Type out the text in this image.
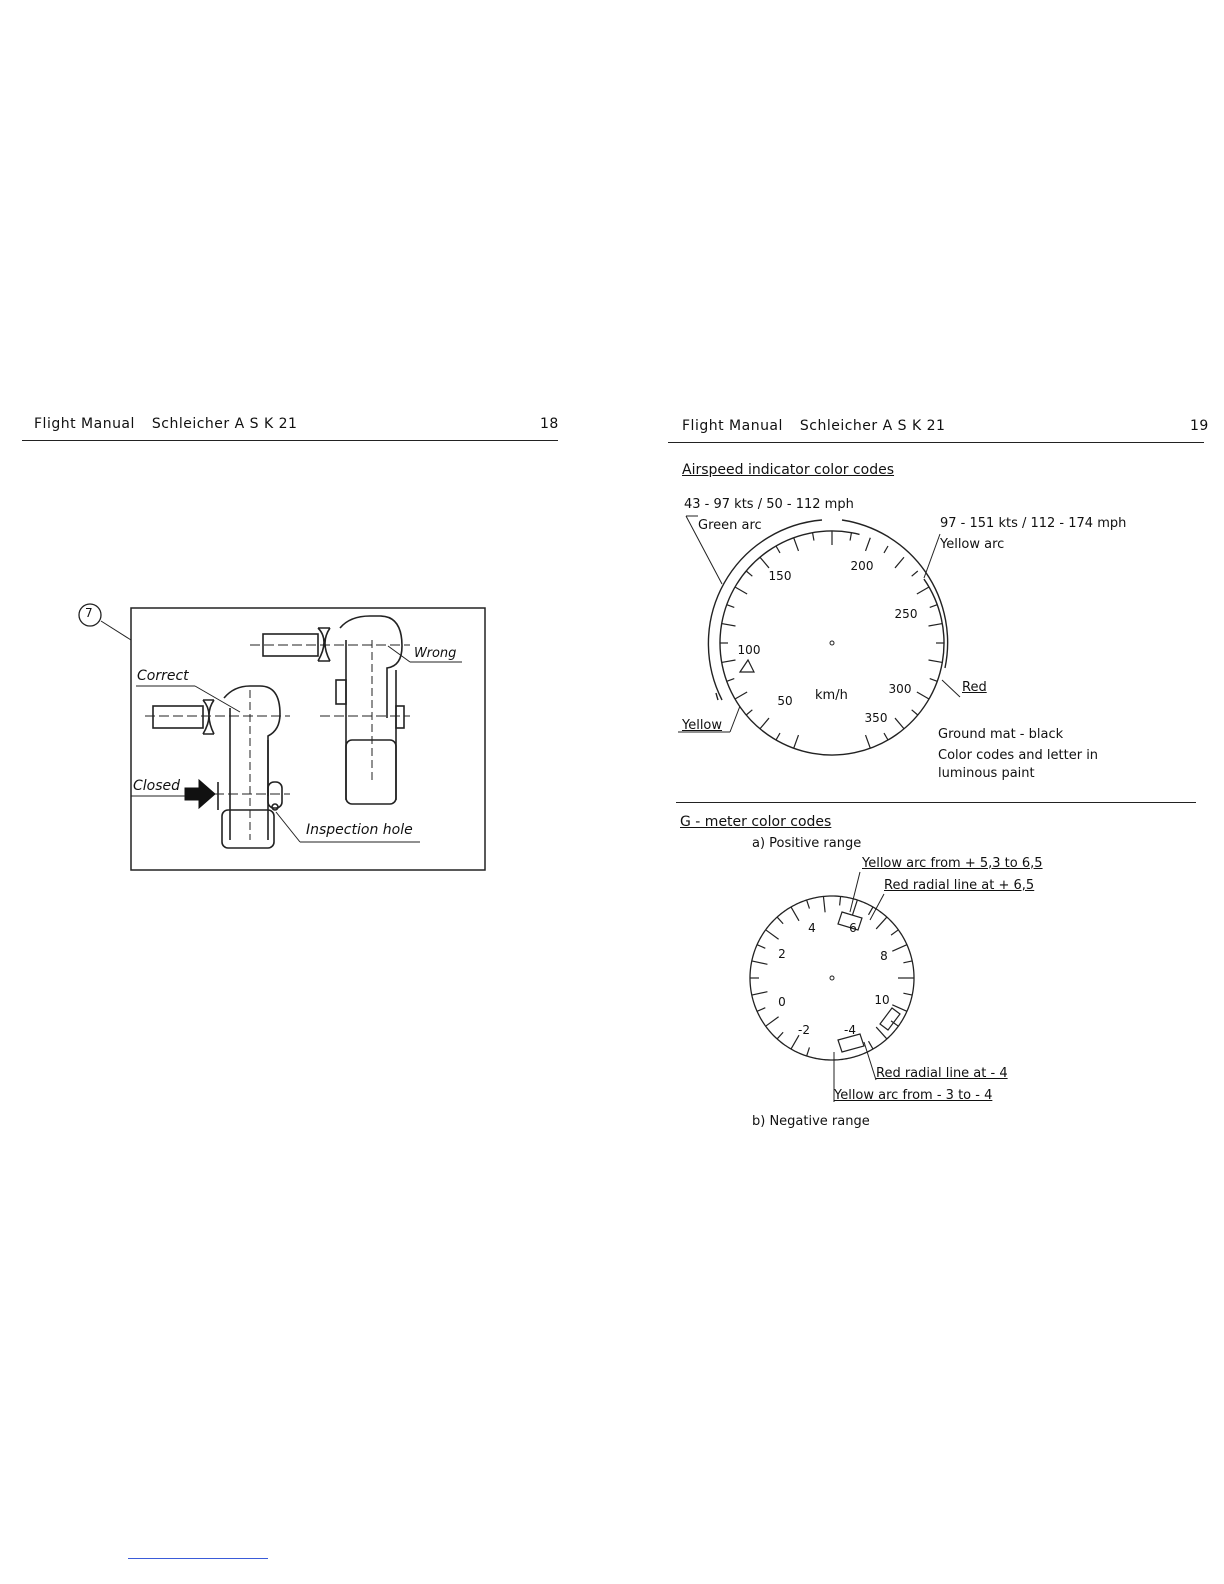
Flight Manual Schleicher A S K 21	18	Flight Manual Schleicher A S K 21	19
7
Correct
Wrong
Closed
Inspection hole
Airspeed indicator color codes
43 - 97 kts / 50 - 112 mph
Green arc	97 - 151 kts / 112 - 174 mph
Yellow arc
Red
Yellow
km/h
Ground mat - black
Color codes and letter in
luminous paint
50
100
150
200
250
300
350
G - meter color codes
a) Positive range
Yellow arc from + 5,3 to 6,5
Red radial line at + 6,5
Red radial line at - 4
Yellow arc from - 3 to - 4
b) Negative range
-2
0
2
4	6
8
10
-4
